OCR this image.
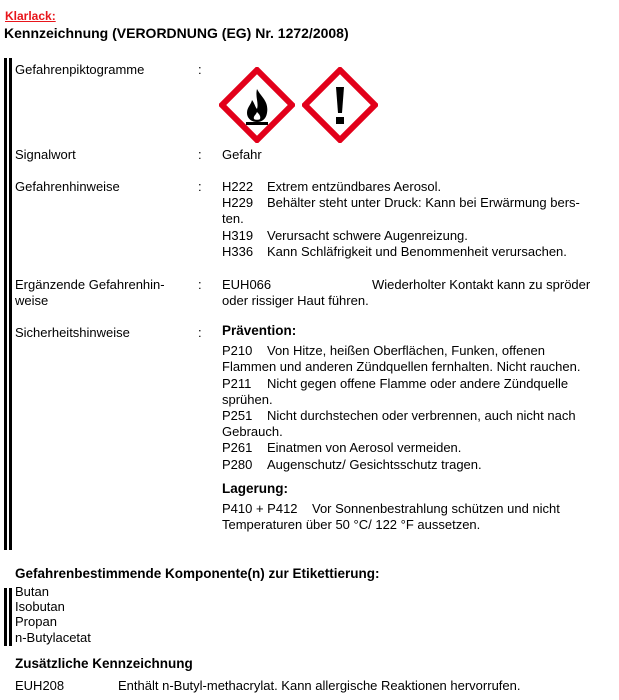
Klarlack:
Kennzeichnung (VERORDNUNG (EG) Nr. 1272/2008)
Gefahrenpiktogramme	:
Signalwort	: Gefahr
Gefahrenhinweise	: H222 Extrem entzündbares Aerosol.
H229 Behälter steht unter Druck: Kann bei Erwärmung bers-
ten.
H319 Verursacht schwere Augenreizung.
H336 Kann Schläfrigkeit und Benommenheit verursachen.
Ergänzende Gefahrenhin-
weise
: EUH066	Wiederholter Kontakt kann zu spröder
oder rissiger Haut führen.
Sicherheitshinweise	: Prävention:
P210 Von Hitze, heißen Oberflächen, Funken, offenen
Flammen und anderen Zündquellen fernhalten. Nicht rauchen.
P211 Nicht gegen offene Flamme oder andere Zündquelle
sprühen.
P251 Nicht durchstechen oder verbrennen, auch nicht nach
Gebrauch.
P261 Einatmen von Aerosol vermeiden.
P280 Augenschutz/ Gesichtsschutz tragen.
Lagerung:
P410 + P412 Vor Sonnenbestrahlung schützen und nicht
Temperaturen über 50 °C/ 122 °F aussetzen.
Gefahrenbestimmende Komponente(n) zur Etikettierung:
Butan
Isobutan
Propan
n-Butylacetat
Zusätzliche Kennzeichnung
EUH208	Enthält n-Butyl-methacrylat. Kann allergische Reaktionen hervorrufen.
